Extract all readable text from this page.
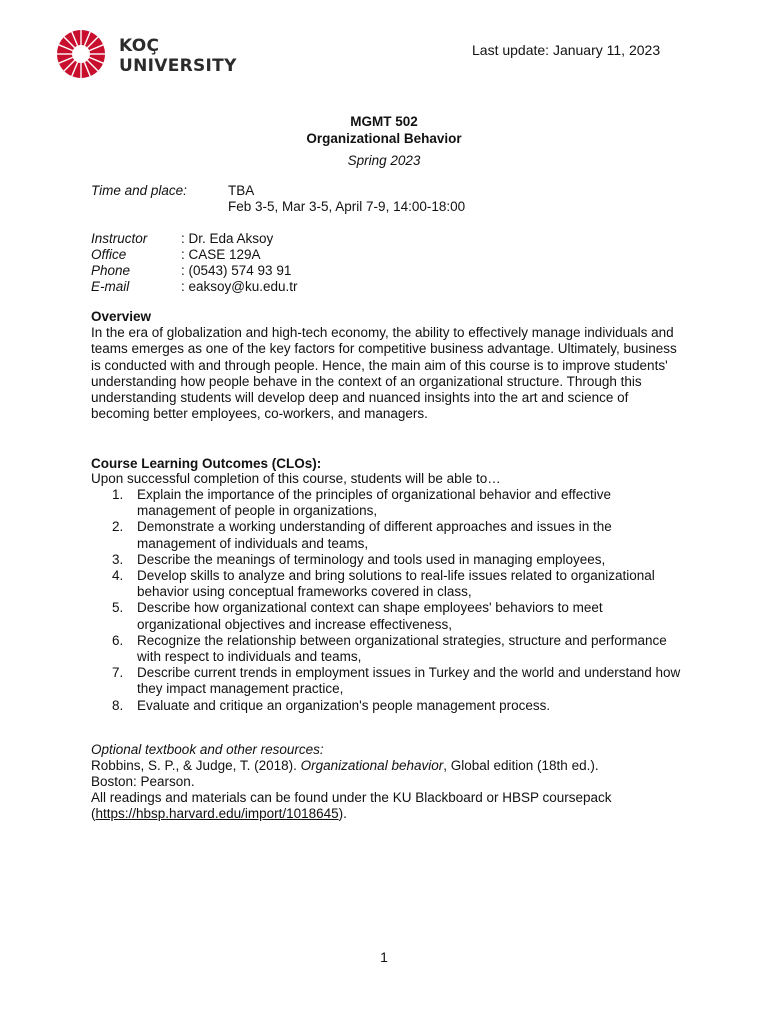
KOÇ
UNIVERSITY
Last update: January 11, 2023
MGMT 502
Organizational Behavior
Spring 2023
Time and place:	TBA
Feb 3-5, Mar 3-5, April 7-9, 14:00-18:00
Instructor : Dr. Eda Aksoy
Office	: CASE 129A
Phone	: (0543) 574 93 91
E-mail	: eaksoy@ku.edu.tr
Overview
In the era of globalization and high-tech economy, the ability to effectively manage individuals and teams emerges as one of the key factors for competitive business advantage. Ultimately, business is conducted with and through people. Hence, the main aim of this course is to improve students' understanding how people behave in the context of an organizational structure. Through this understanding students will develop deep and nuanced insights into the art and science of becoming better employees, co-workers, and managers.
Course Learning Outcomes (CLOs):
Upon successful completion of this course, students will be able to…
1. Explain the importance of the principles of organizational behavior and effective management of people in organizations,
2. Demonstrate a working understanding of different approaches and issues in the management of individuals and teams,
3. Describe the meanings of terminology and tools used in managing employees,
4. Develop skills to analyze and bring solutions to real-life issues related to organizational behavior using conceptual frameworks covered in class,
5. Describe how organizational context can shape employees' behaviors to meet organizational objectives and increase effectiveness,
6. Recognize the relationship between organizational strategies, structure and performance with respect to individuals and teams,
7. Describe current trends in employment issues in Turkey and the world and understand how they impact management practice,
8. Evaluate and critique an organization's people management process.
Optional textbook and other resources:
Robbins, S. P., & Judge, T. (2018). Organizational behavior, Global edition (18th ed.).
Boston: Pearson.
All readings and materials can be found under the KU Blackboard or HBSP coursepack
(https://hbsp.harvard.edu/import/1018645).
1
